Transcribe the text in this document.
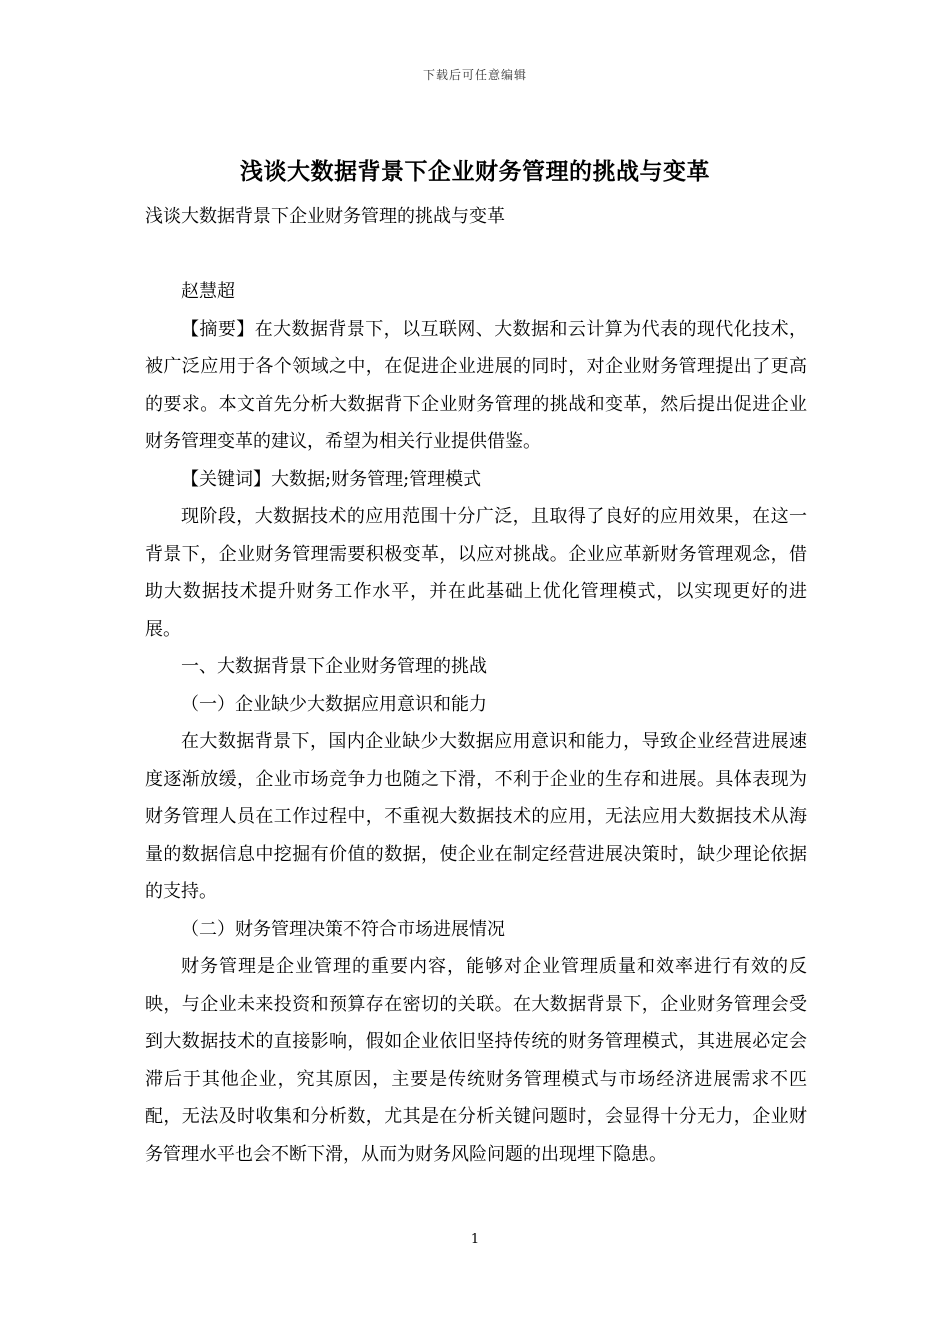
下载后可任意编辑
浅谈大数据背景下企业财务管理的挑战与变革

浅谈大数据背景下企业财务管理的挑战与变革

赵慧超

【摘要】在大数据背景下，以互联网、大数据和云计算为代表的现代化技术，被广泛应用于各个领域之中，在促进企业进展的同时，对企业财务管理提出了更高的要求。本文首先分析大数据背下企业财务管理的挑战和变革，然后提出促进企业财务管理变革的建议，希望为相关行业提供借鉴。

【关键词】大数据;财务管理;管理模式

现阶段，大数据技术的应用范围十分广泛，且取得了良好的应用效果，在这一背景下，企业财务管理需要积极变革，以应对挑战。企业应革新财务管理观念，借助大数据技术提升财务工作水平，并在此基础上优化管理模式，以实现更好的进展。

一、大数据背景下企业财务管理的挑战

（一）企业缺少大数据应用意识和能力

在大数据背景下，国内企业缺少大数据应用意识和能力，导致企业经营进展速度逐渐放缓，企业市场竞争力也随之下滑，不利于企业的生存和进展。具体表现为财务管理人员在工作过程中，不重视大数据技术的应用，无法应用大数据技术从海量的数据信息中挖掘有价值的数据，使企业在制定经营进展决策时，缺少理论依据的支持。

（二）财务管理决策不符合市场进展情况

财务管理是企业管理的重要内容，能够对企业管理质量和效率进行有效的反映，与企业未来投资和预算存在密切的关联。在大数据背景下，企业财务管理会受到大数据技术的直接影响，假如企业依旧坚持传统的财务管理模式，其进展必定会滞后于其他企业，究其原因，主要是传统财务管理模式与市场经济进展需求不匹配，无法及时收集和分析数，尤其是在分析关键问题时，会显得十分无力，企业财务管理水平也会不断下滑，从而为财务风险问题的出现埋下隐患。

1
